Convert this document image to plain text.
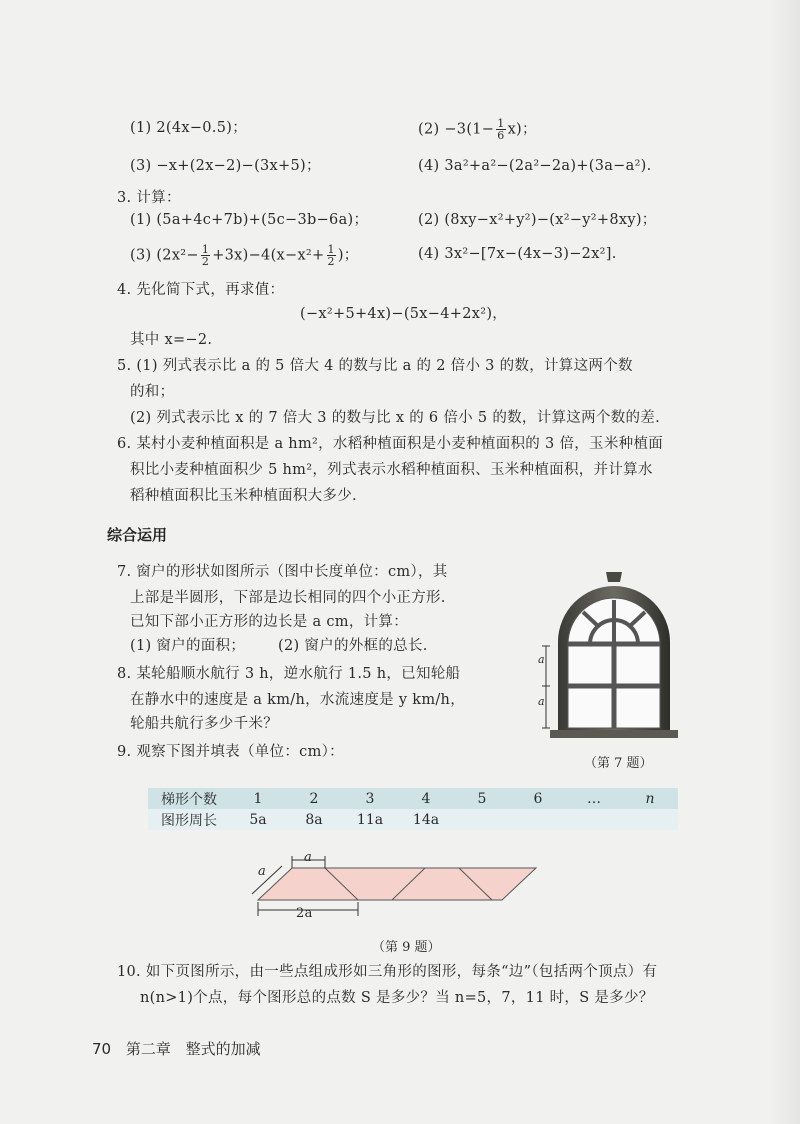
(1) 2(4x−0.5)；	$(2) -3(1- \frac{1}{6} x)$；
(3) −x+(2x−2)−(3x+5)；	(4) 3a²+a²−(2a²−2a)+(3a−a²).
3. 计算：
(1) (5a+4c+7b)+(5c−3b−6a)；	(2) (8xy−x²+y²)−(x²−y²+8xy)；
(3) $(2x^2- \frac{1}{2} +3x)-4(x-x^2+ \frac{1}{2}$ )；	(4) 3x²−[7x−(4x−3)−2x²].
4. 先化简下式，再求值：
(−x²+5+4x)−(5x−4+2x²)，
其中 x=−2.
5. (1) 列式表示比 a 的 5 倍大 4 的数与比 a 的 2 倍小 3 的数，计算这两个数
的和；
(2) 列式表示比 x 的 7 倍大 3 的数与比 x 的 6 倍小 5 的数，计算这两个数的差.
6. 某村小麦种植面积是 a hm²，水稻种植面积是小麦种植面积的 3 倍，玉米种植面
积比小麦种植面积少 5 hm²，列式表示水稻种植面积、玉米种植面积，并计算水
稻种植面积比玉米种植面积大多少.
综合运用
7. 窗户的形状如图所示（图中长度单位：cm），其
上部是半圆形，下部是边长相同的四个小正方形.
已知下部小正方形的边长是 a cm，计算：
(1) 窗户的面积； (2) 窗户的外框的总长.
8. 某轮船顺水航行 3 h，逆水航行 1.5 h，已知轮船
在静水中的速度是 a km/h，水流速度是 y km/h，
轮船共航行多少千米？
9. 观察下图并填表（单位：cm）：
a
a
（第 7 题）
梯形个数	1	2	3	4	5	6	…	n
图形周长	5a	8a	11a	14a				
a
a
2a
（第 9 题）
10. 如下页图所示，由一些点组成形如三角形的图形，每条“边”（包括两个顶点）有
n(n>1)个点，每个图形总的点数 S 是多少？当 n=5，7，11 时，S 是多少？
70 第二章 整式的加减
